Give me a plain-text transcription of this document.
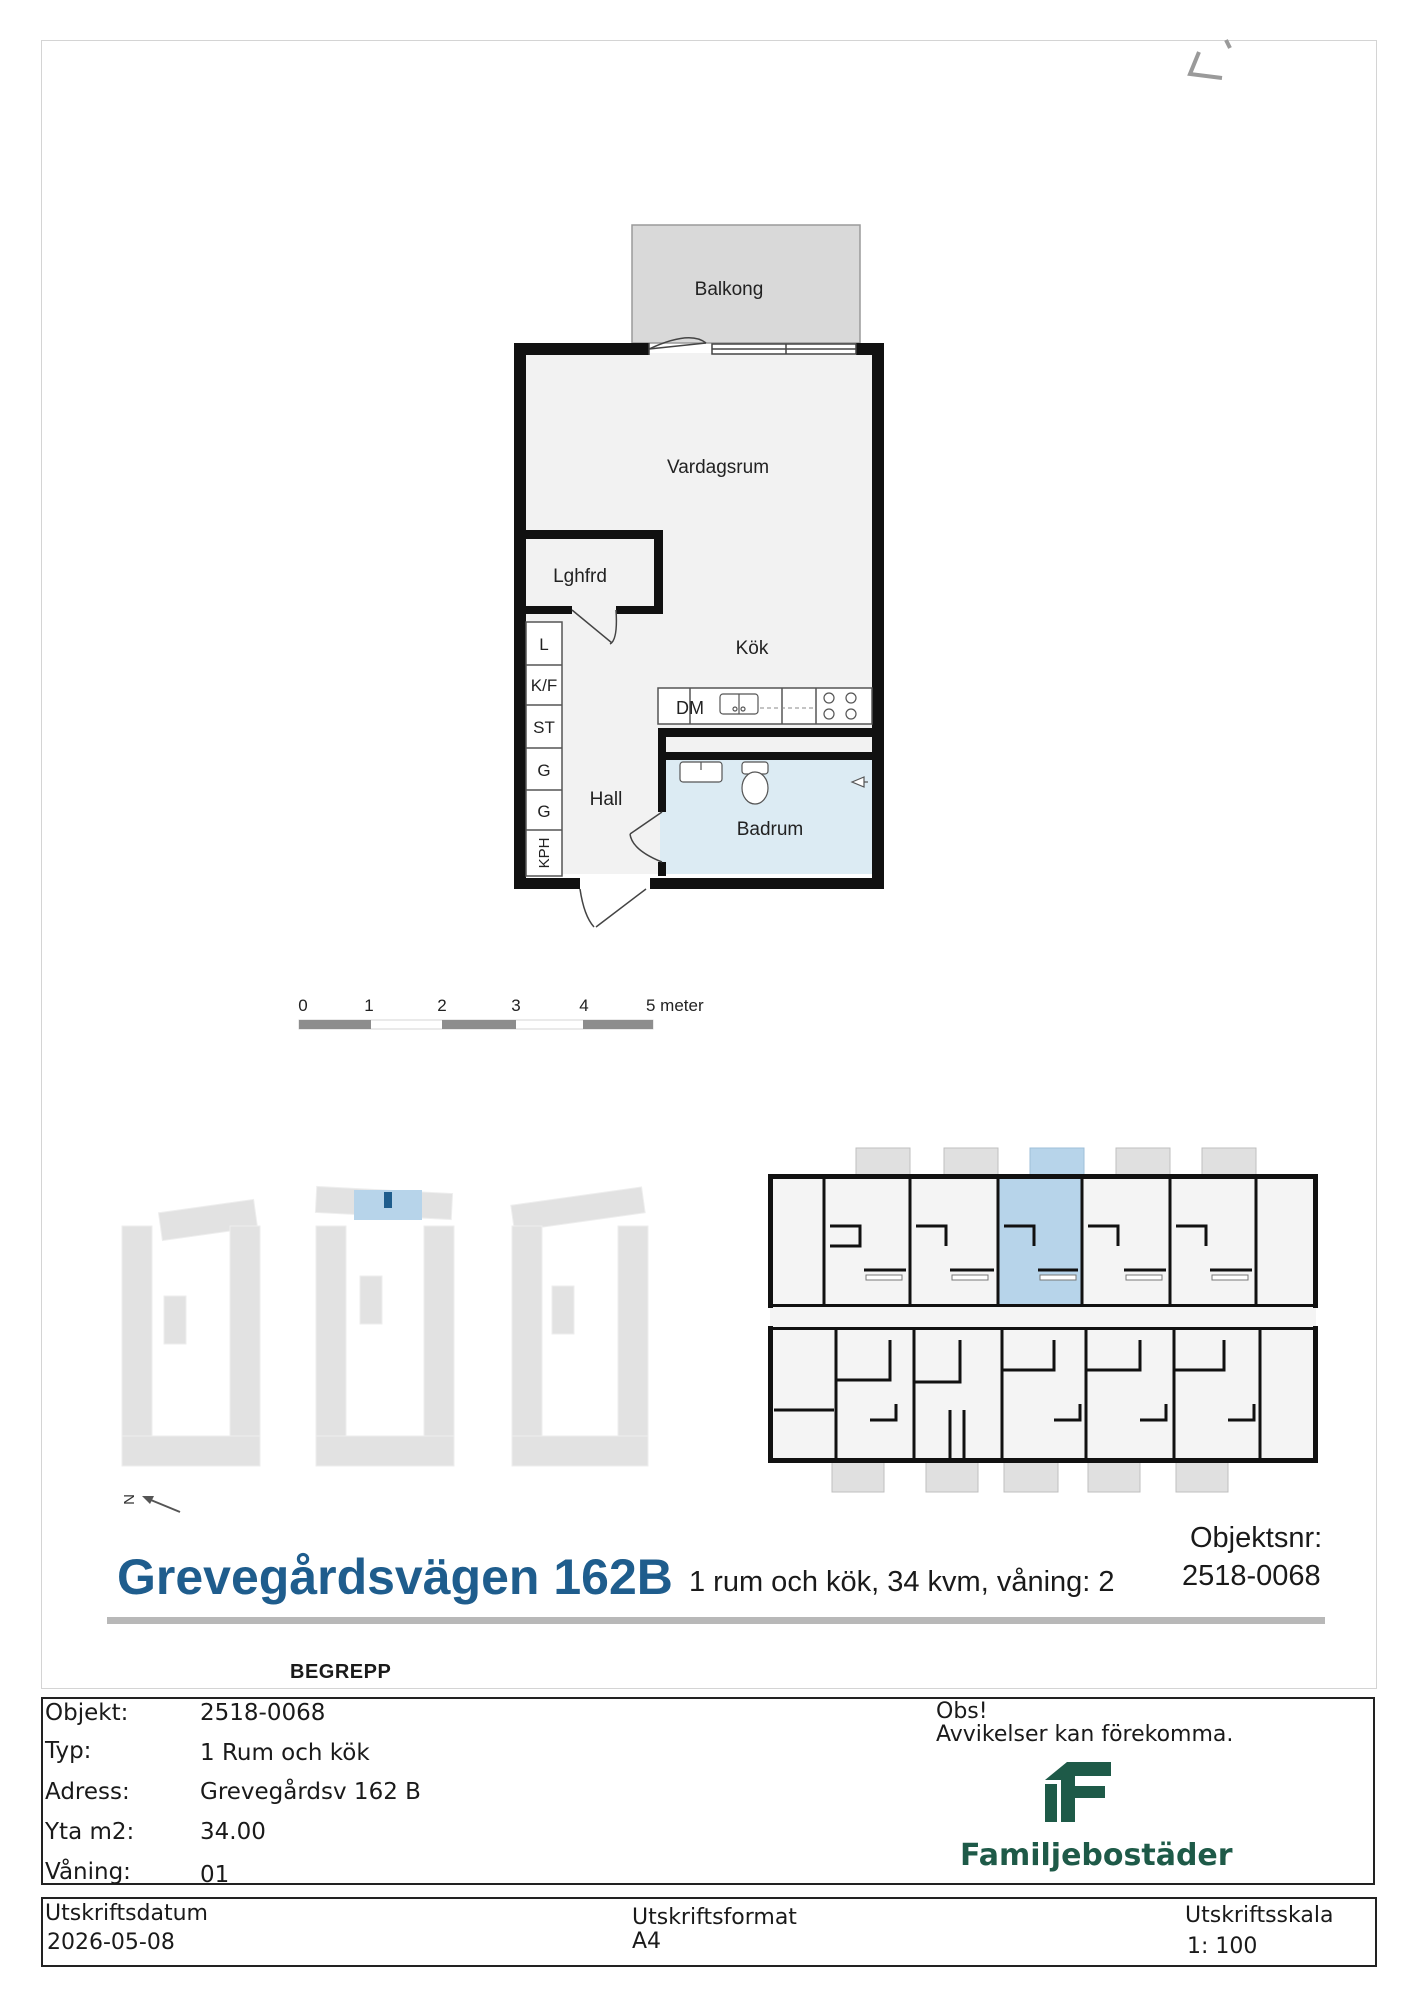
Balkong
Vardagsrum
Lghfrd
Kök
L
K/F
ST
G
G
KPH
DM
Badrum
Hall
0	1	2	3	4	5 meter
N
Grevegårdsvägen 162B 1 rum och kök, 34 kvm, våning: 2
Objektsnr:
2518-0068
BEGREPP
Objekt:	2518-0068
Typ:	1 Rum och kök
Adress:	Grevegårdsv 162 B
Yta m2:	34.00
Våning:	01
Obs!
Avvikelser kan förekomma.
Familjebostäder
Utskriftsdatum
2026-05-08
Utskriftsformat
A4
Utskriftsskala
1: 100
